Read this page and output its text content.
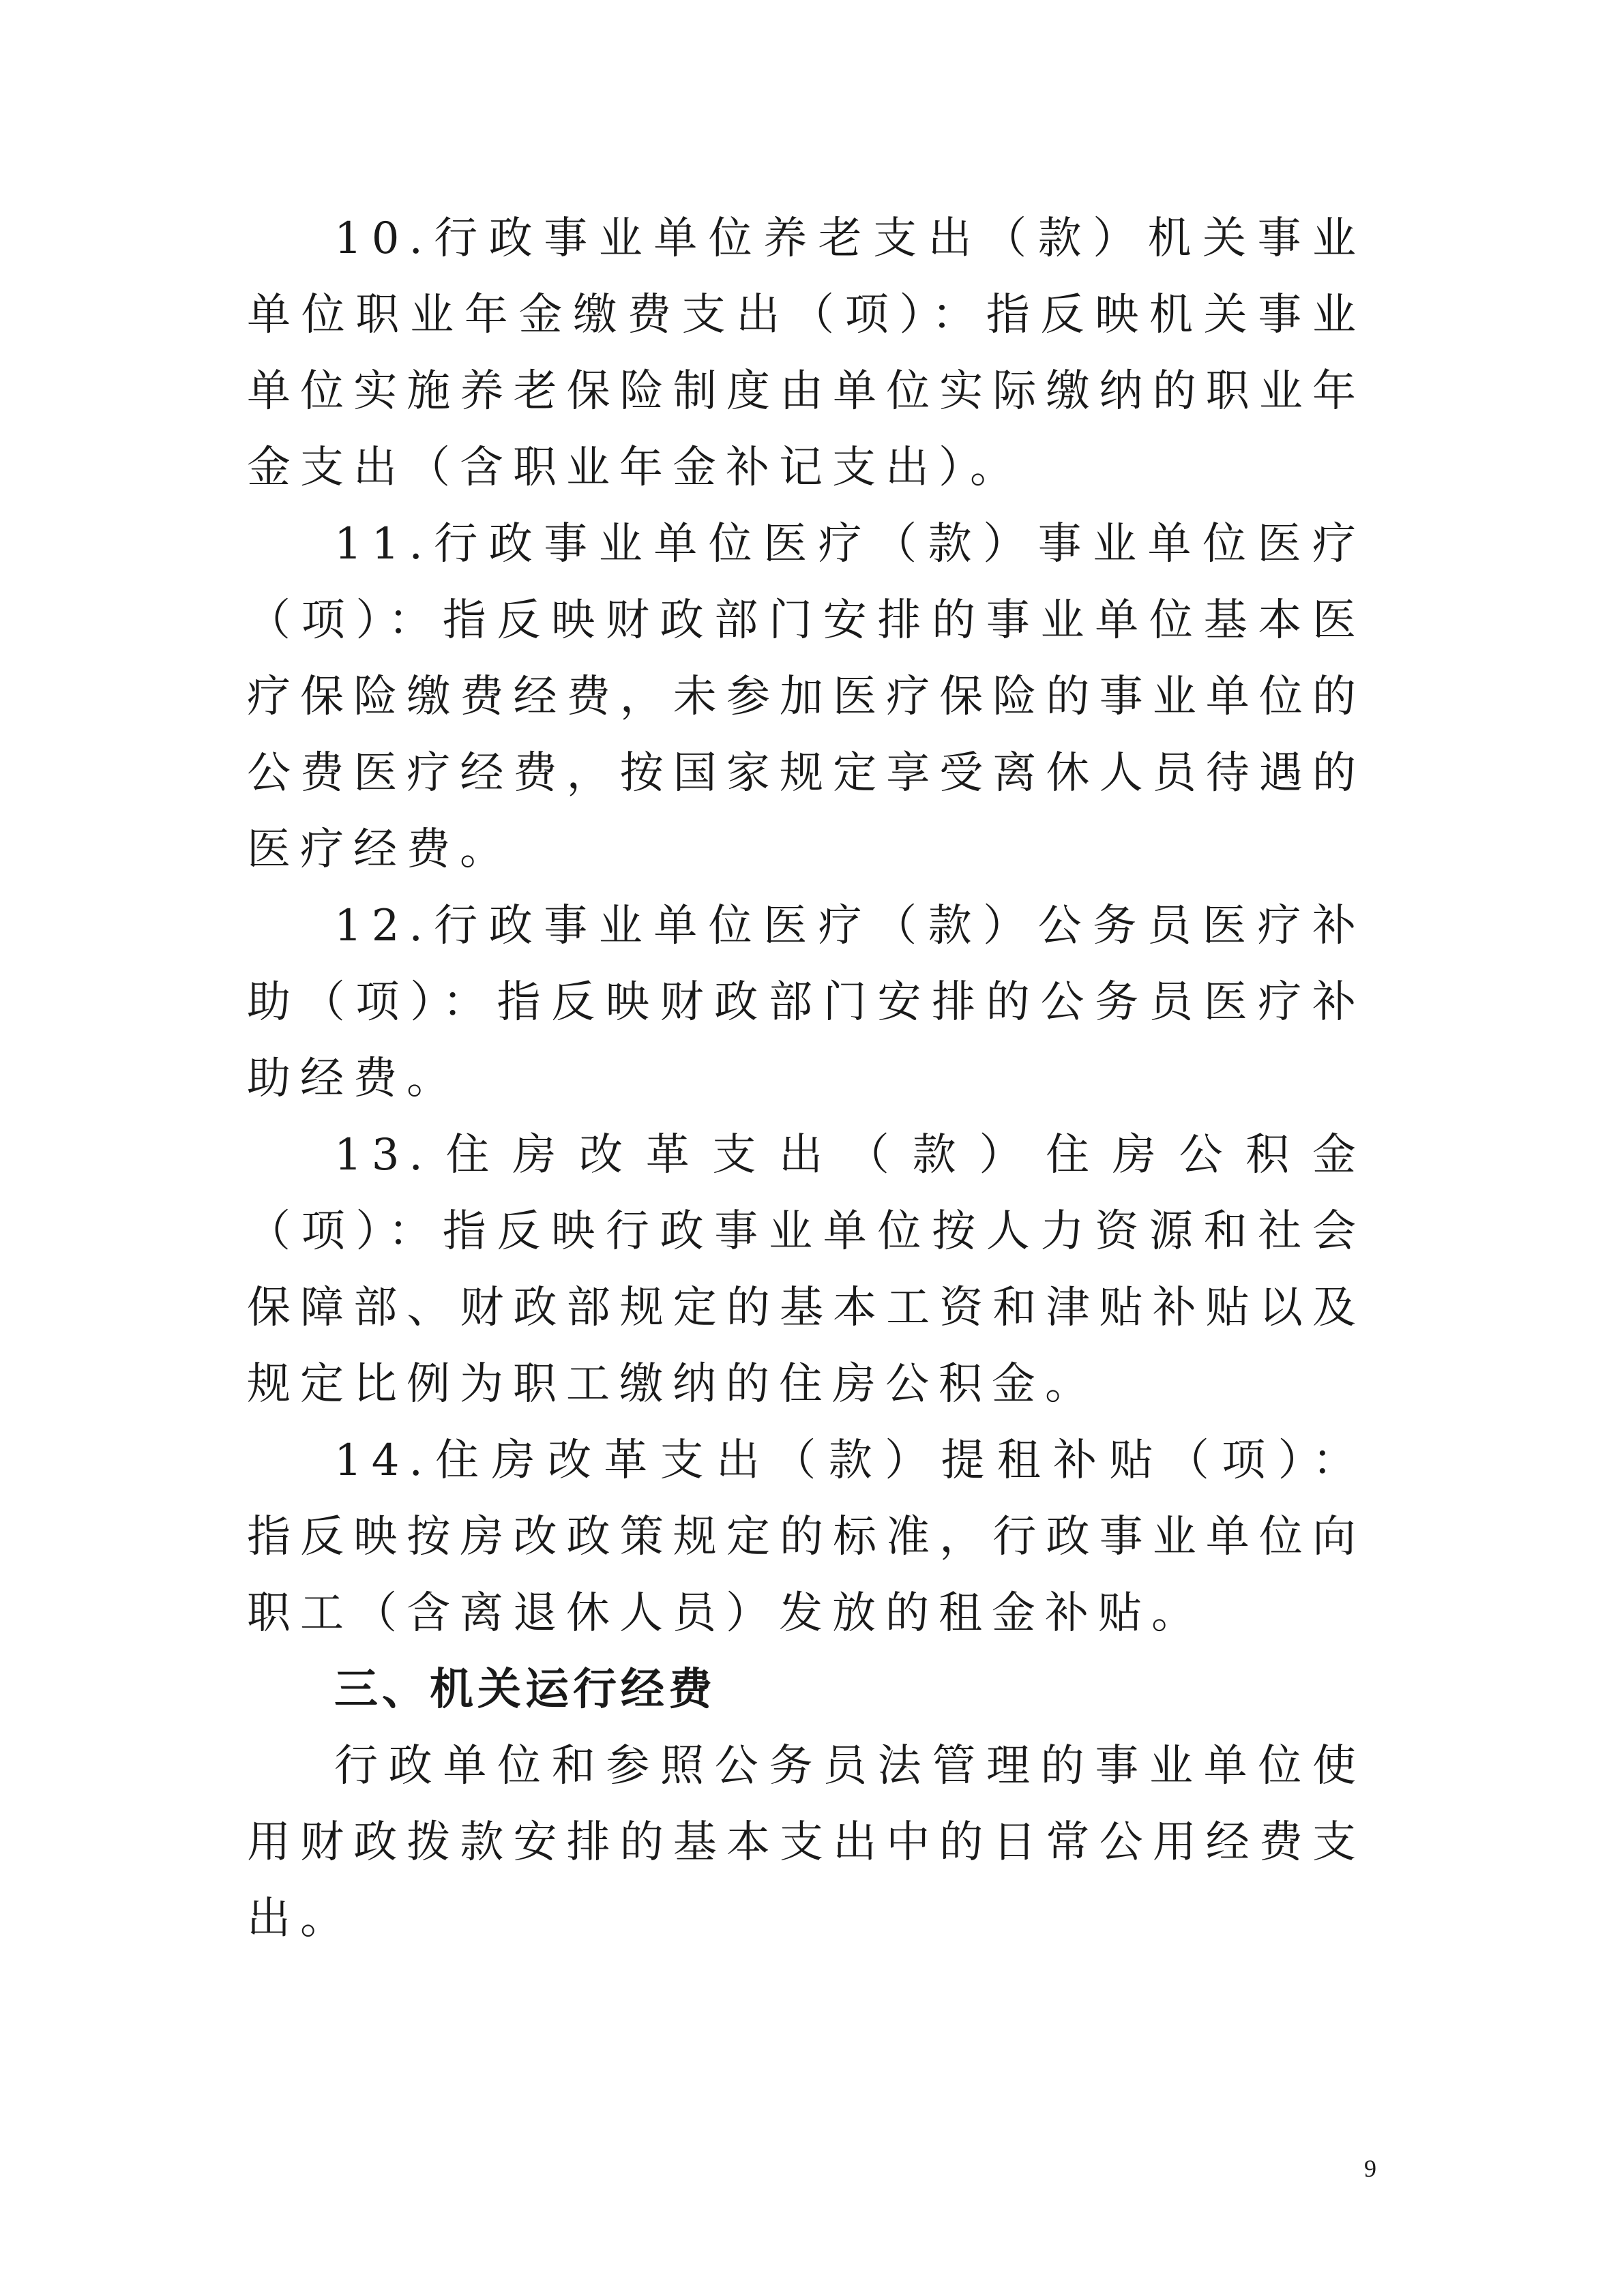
10.行政事业单位养老支出（款）机关事业单位职业年金缴费支出（项）：指反映机关事业单位实施养老保险制度由单位实际缴纳的职业年金支出（含职业年金补记支出）。

11.行政事业单位医疗（款）事业单位医疗（项）：指反映财政部门安排的事业单位基本医疗保险缴费经费，未参加医疗保险的事业单位的公费医疗经费，按国家规定享受离休人员待遇的医疗经费。

12.行政事业单位医疗（款）公务员医疗补助（项）：指反映财政部门安排的公务员医疗补助经费。

13.住房改革支出（款）住房公积金（项）：指反映行政事业单位按人力资源和社会保障部、财政部规定的基本工资和津贴补贴以及规定比例为职工缴纳的住房公积金。

14.住房改革支出（款）提租补贴（项）：指反映按房改政策规定的标准，行政事业单位向职工（含离退休人员）发放的租金补贴。

三、机关运行经费

行政单位和参照公务员法管理的事业单位使用财政拨款安排的基本支出中的日常公用经费支出。

9
